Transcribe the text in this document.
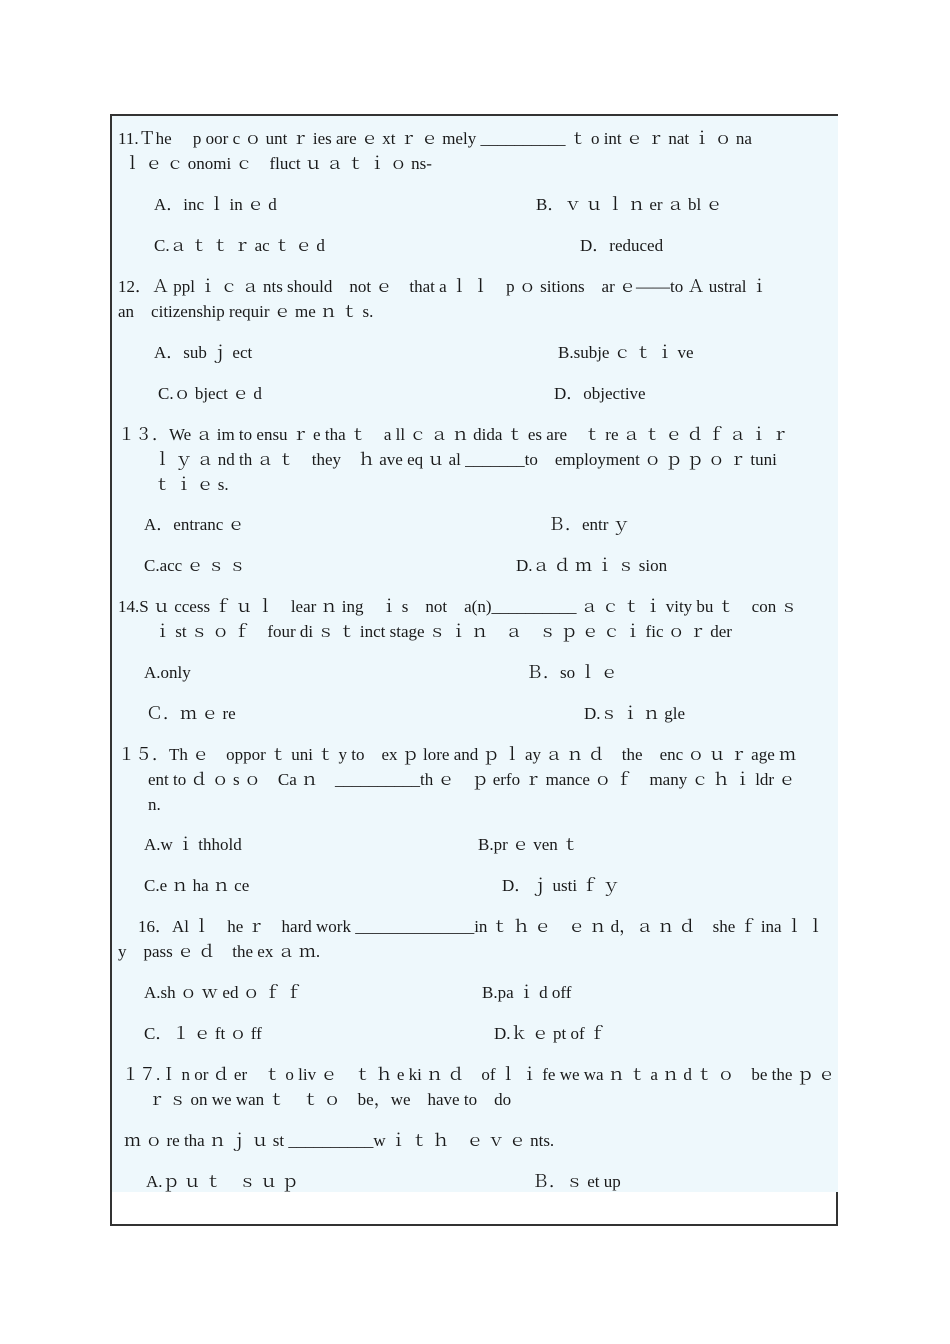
11.Ｔhe　 p oor c ｏ unt ｒ ies are ｅ xt ｒ ｅ mely __________ ｔ o int ｅ ｒ nat ｉ ｏ na
ｌ ｅ ｃ onomi ｃ　fluct ｕ ａ ｔ ｉ ｏ ns-
A．inc ｌ in ｅ d	B．ｖ ｕ ｌ ｎ er ａ bl ｅ
C.ａ ｔ ｔ ｒ ac ｔ ｅ d	D．reduced
12．Ａ ppl ｉ ｃ ａ nts should　not ｅ　that a ｌ ｌ　p ｏ sitions　ar ｅ——to Ａ ustral ｉ
an　citizenship requir ｅ me ｎ ｔ s.
A．sub ｊ ect	B.subje ｃ ｔ ｉ ve
C.ｏ bject ｅ d	D．objective
１３．We ａ im to ensu ｒ e tha ｔ　a ll ｃ ａ ｎ dida ｔ es are　ｔ re ａ ｔ ｅ ｄ ｆ ａ ｉ ｒ
ｌ ｙ ａ nd th ａ ｔ　they　ｈ ave eq ｕ al _______to　employment ｏ ｐ ｐ ｏ ｒ tuni
ｔ ｉ ｅ s.
A．entranc ｅ	Ｂ．entr ｙ
C.acc ｅ ｓ ｓ	D.ａ ｄ ｍ ｉ ｓ sion
14.S ｕ ccess ｆ ｕ ｌ　lear ｎ ing　ｉ s　not　a(n)__________ ａ ｃ ｔ ｉ vity bu ｔ　con ｓ
ｉ st ｓ ｏ ｆ　four di ｓ ｔ inct stage ｓ ｉ ｎ　ａ　ｓ ｐ ｅ ｃ ｉ fic ｏ ｒ der
A.only	Ｂ．so ｌ ｅ
Ｃ．ｍ ｅ re	D.ｓ ｉ ｎ gle
１５．Th ｅ　oppor ｔ uni ｔ y to　ex ｐ lore and ｐ ｌ ay ａ ｎ ｄ　the　enc ｏ ｕ ｒ age ｍ
ent to ｄ ｏ s ｏ　Ca ｎ　__________th ｅ　ｐ erfo ｒ mance ｏ ｆ　many ｃ ｈ ｉ ldr ｅ
n.
A.w ｉ thhold	B.pr ｅ ven ｔ
C.e ｎ ha ｎ ce	D．ｊ usti ｆ ｙ
16．Al ｌ　he ｒ　hard work ______________in ｔ ｈ ｅ　ｅ ｎ d，ａ ｎ ｄ　she ｆ ina ｌ ｌ
y　pass ｅ ｄ　the ex ａ ｍ.
A.sh ｏ ｗ ed ｏ ｆ ｆ	B.pa ｉ d off
C．１ ｅ ft ｏ ff	D.ｋ ｅ pt of ｆ
１７.Ｉ n or ｄ er　ｔ o liv ｅ　ｔ ｈ e ki ｎ ｄ　of ｌ ｉ fe we wa ｎ ｔ a ｎ d ｔ ｏ　be the ｐ ｅ
ｒ ｓ on we wan ｔ　ｔ ｏ　be，we　have to　do
ｍ ｏ re tha ｎ ｊ ｕ st __________w ｉ ｔ ｈ　ｅ ｖ ｅ nts.
A.ｐ ｕ ｔ　ｓ ｕ ｐ	Ｂ．ｓ et up
